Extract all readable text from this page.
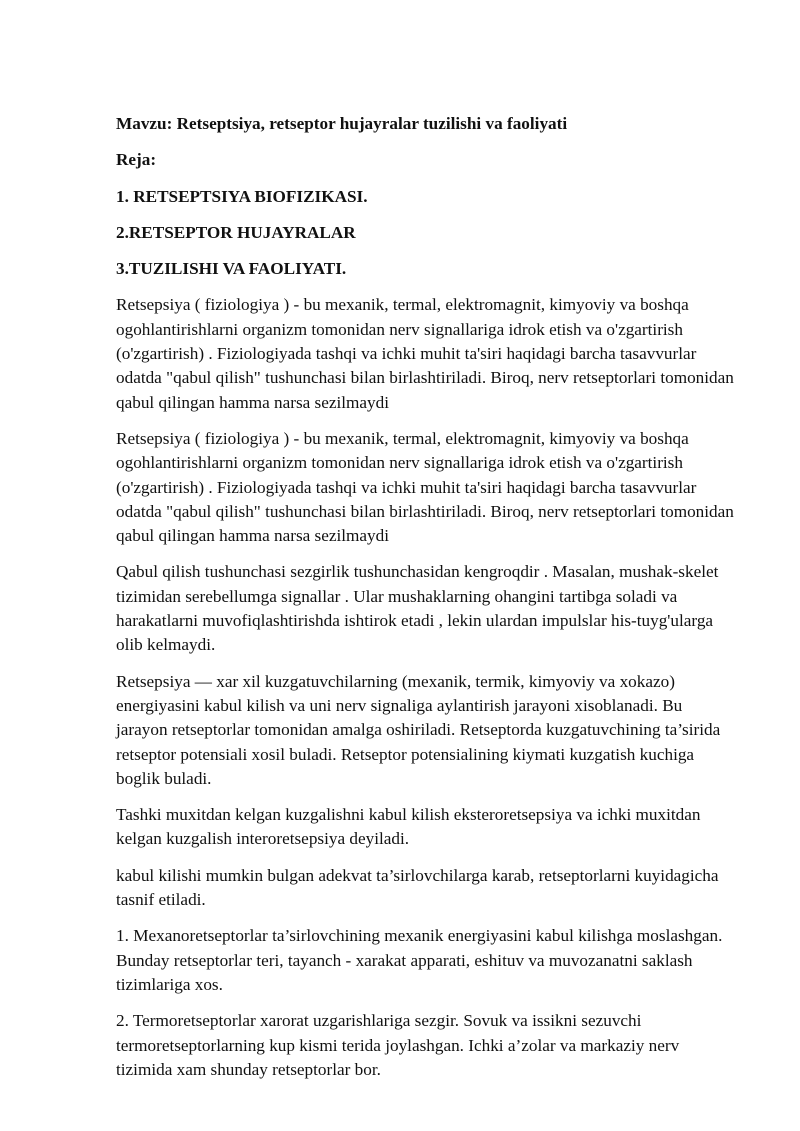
Mavzu: Retseptsiya, retseptor hujayralar tuzilishi va faoliyati

Reja:

1. RETSEPTSIYA BIOFIZIKASI.

2.RETSEPTOR HUJAYRALAR

3.TUZILISHI VA FAOLIYATI.

Retsepsiya ( fiziologiya ) - bu mexanik, termal, elektromagnit, kimyoviy va boshqa ogohlantirishlarni organizm tomonidan nerv signallariga idrok etish va o'zgartirish (o'zgartirish) . Fiziologiyada tashqi va ichki muhit ta'siri haqidagi barcha tasavvurlar odatda "qabul qilish" tushunchasi bilan birlashtiriladi. Biroq, nerv retseptorlari tomonidan qabul qilingan hamma narsa sezilmaydi

Retsepsiya ( fiziologiya ) - bu mexanik, termal, elektromagnit, kimyoviy va boshqa ogohlantirishlarni organizm tomonidan nerv signallariga idrok etish va o'zgartirish (o'zgartirish) . Fiziologiyada tashqi va ichki muhit ta'siri haqidagi barcha tasavvurlar odatda "qabul qilish" tushunchasi bilan birlashtiriladi. Biroq, nerv retseptorlari tomonidan qabul qilingan hamma narsa sezilmaydi

Qabul qilish tushunchasi sezgirlik tushunchasidan kengroqdir . Masalan, mushak-skelet tizimidan serebellumga signallar . Ular mushaklarning ohangini tartibga soladi va harakatlarni muvofiqlashtirishda ishtirok etadi , lekin ulardan impulslar his-tuyg'ularga olib kelmaydi.

Retsepsiya — xar xil kuzgatuvchilarning (mexanik, termik, kimyoviy va xokazo) energiyasini kabul kilish va uni nerv signaliga aylantirish jarayoni xisoblanadi. Bu jarayon retseptorlar tomonidan amalga oshiriladi. Retseptorda kuzgatuvchining ta’sirida retseptor potensiali xosil buladi. Retseptor potensialining kiymati kuzgatish kuchiga boglik buladi.

Tashki muxitdan kelgan kuzgalishni kabul kilish eksteroretsepsiya va ichki muxitdan kelgan kuzgalish interoretsepsiya deyiladi.

kabul kilishi mumkin bulgan adekvat ta’sirlovchilarga karab, retseptorlarni kuyidagicha tasnif etiladi.

1. Mexanoretseptorlar ta’sirlovchining mexanik energiyasini kabul kilishga moslashgan. Bunday retseptorlar teri, tayanch - xarakat apparati, eshituv va muvozanatni saklash tizimlariga xos.

2. Termoretseptorlar xarorat uzgarishlariga sezgir. Sovuk va issikni sezuvchi termoretseptorlarning kup kismi terida joylashgan. Ichki a’zolar va markaziy nerv tizimida xam shunday retseptorlar bor.
